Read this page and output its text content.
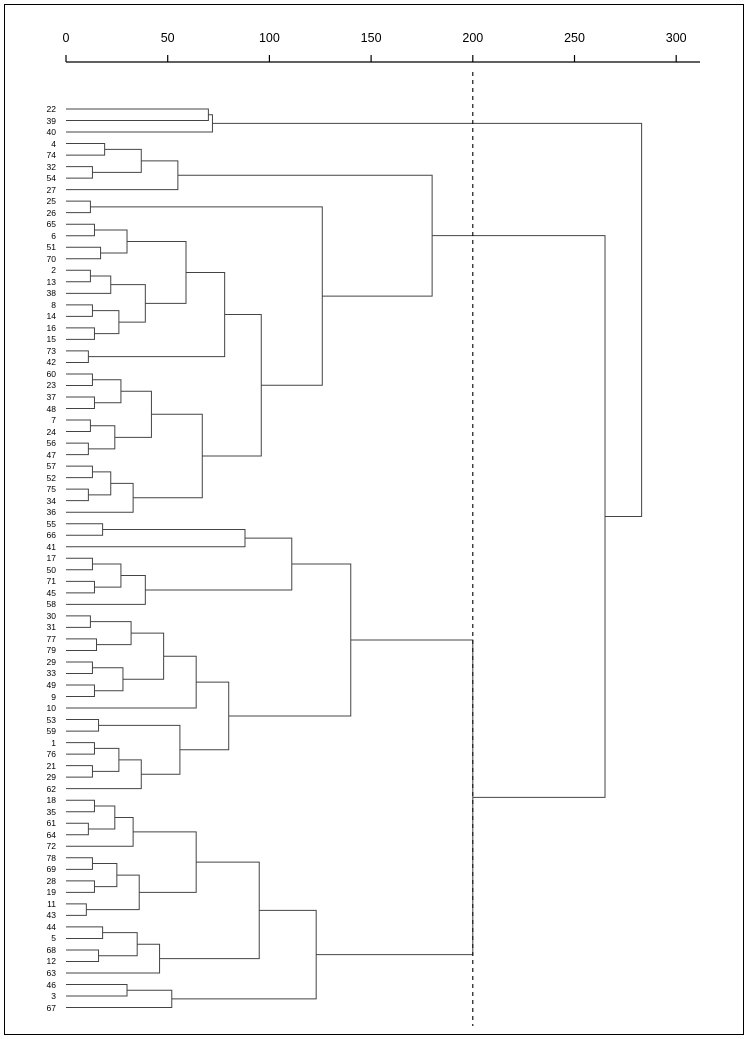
22
39
40
4
74
32
54
27
25
26
65
6
51
70
2
13
38
8
14
16
15
73
42
60
23
37
48
7
24
56
47
57
52
75
34
36
55
66
41
17
50
71
45
58
30
31
77
79
29
33
49
9
10
53
59
1
76
21
29
62
18
35
61
64
72
78
69
28
19
11
43
44
5
68
12
63
46
3
67
0	50	100	150	200	250	300
